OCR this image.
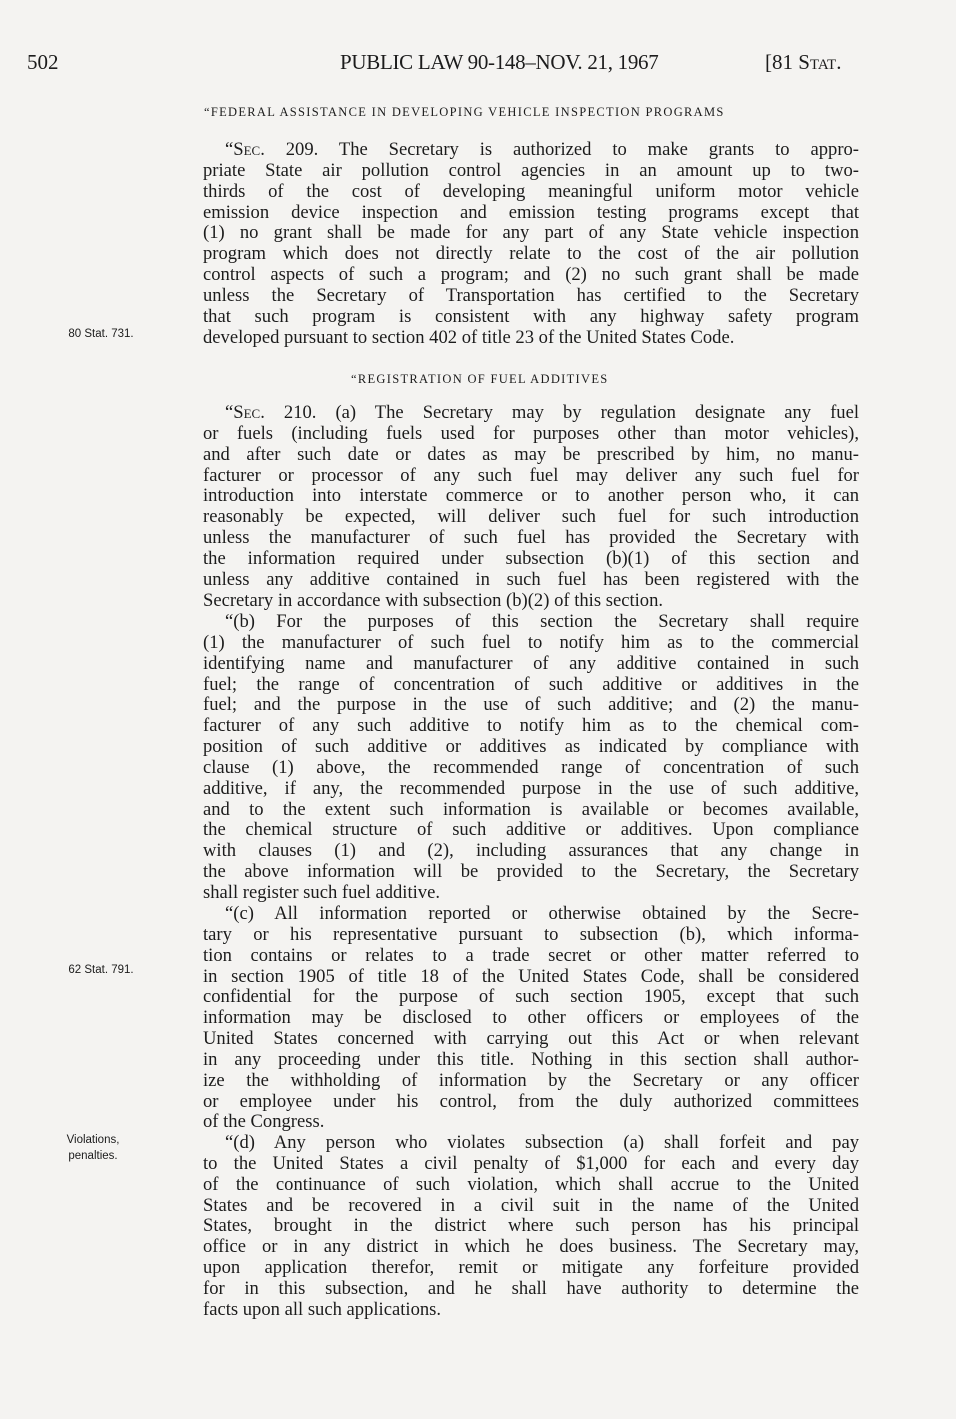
502	PUBLIC LAW 90-148–NOV. 21, 1967	[81 Stat.
“FEDERAL ASSISTANCE IN DEVELOPING VEHICLE INSPECTION PROGRAMS
“Sec. 209. The Secretary is authorized to make grants to appro-
priate State air pollution control agencies in an amount up to two-
thirds of the cost of developing meaningful uniform motor vehicle
emission device inspection and emission testing programs except that
(1) no grant shall be made for any part of any State vehicle inspection
program which does not directly relate to the cost of the air pollution
control aspects of such a program; and (2) no such grant shall be made
unless the Secretary of Transportation has certified to the Secretary
that such program is consistent with any highway safety program
developed pursuant to section 402 of title 23 of the United States Code.
“REGISTRATION OF FUEL ADDITIVES
“Sec. 210. (a) The Secretary may by regulation designate any fuel
or fuels (including fuels used for purposes other than motor vehicles),
and after such date or dates as may be prescribed by him, no manu-
facturer or processor of any such fuel may deliver any such fuel for
introduction into interstate commerce or to another person who, it can
reasonably be expected, will deliver such fuel for such introduction
unless the manufacturer of such fuel has provided the Secretary with
the information required under subsection (b)(1) of this section and
unless any additive contained in such fuel has been registered with the
Secretary in accordance with subsection (b)(2) of this section.
“(b) For the purposes of this section the Secretary shall require
(1) the manufacturer of such fuel to notify him as to the commercial
identifying name and manufacturer of any additive contained in such
fuel; the range of concentration of such additive or additives in the
fuel; and the purpose in the use of such additive; and (2) the manu-
facturer of any such additive to notify him as to the chemical com-
position of such additive or additives as indicated by compliance with
clause (1) above, the recommended range of concentration of such
additive, if any, the recommended purpose in the use of such additive,
and to the extent such information is available or becomes available,
the chemical structure of such additive or additives. Upon compliance
with clauses (1) and (2), including assurances that any change in
the above information will be provided to the Secretary, the Secretary
shall register such fuel additive.
“(c) All information reported or otherwise obtained by the Secre-
tary or his representative pursuant to subsection (b), which informa-
tion contains or relates to a trade secret or other matter referred to
in section 1905 of title 18 of the United States Code, shall be considered
confidential for the purpose of such section 1905, except that such
information may be disclosed to other officers or employees of the
United States concerned with carrying out this Act or when relevant
in any proceeding under this title. Nothing in this section shall author-
ize the withholding of information by the Secretary or any officer
or employee under his control, from the duly authorized committees
of the Congress.
“(d) Any person who violates subsection (a) shall forfeit and pay
to the United States a civil penalty of $1,000 for each and every day
of the continuance of such violation, which shall accrue to the United
States and be recovered in a civil suit in the name of the United
States, brought in the district where such person has his principal
office or in any district in which he does business. The Secretary may,
upon application therefor, remit or mitigate any forfeiture provided
for in this subsection, and he shall have authority to determine the
facts upon all such applications.
80 Stat. 731.
62 Stat. 791.
Violations,
penalties.
